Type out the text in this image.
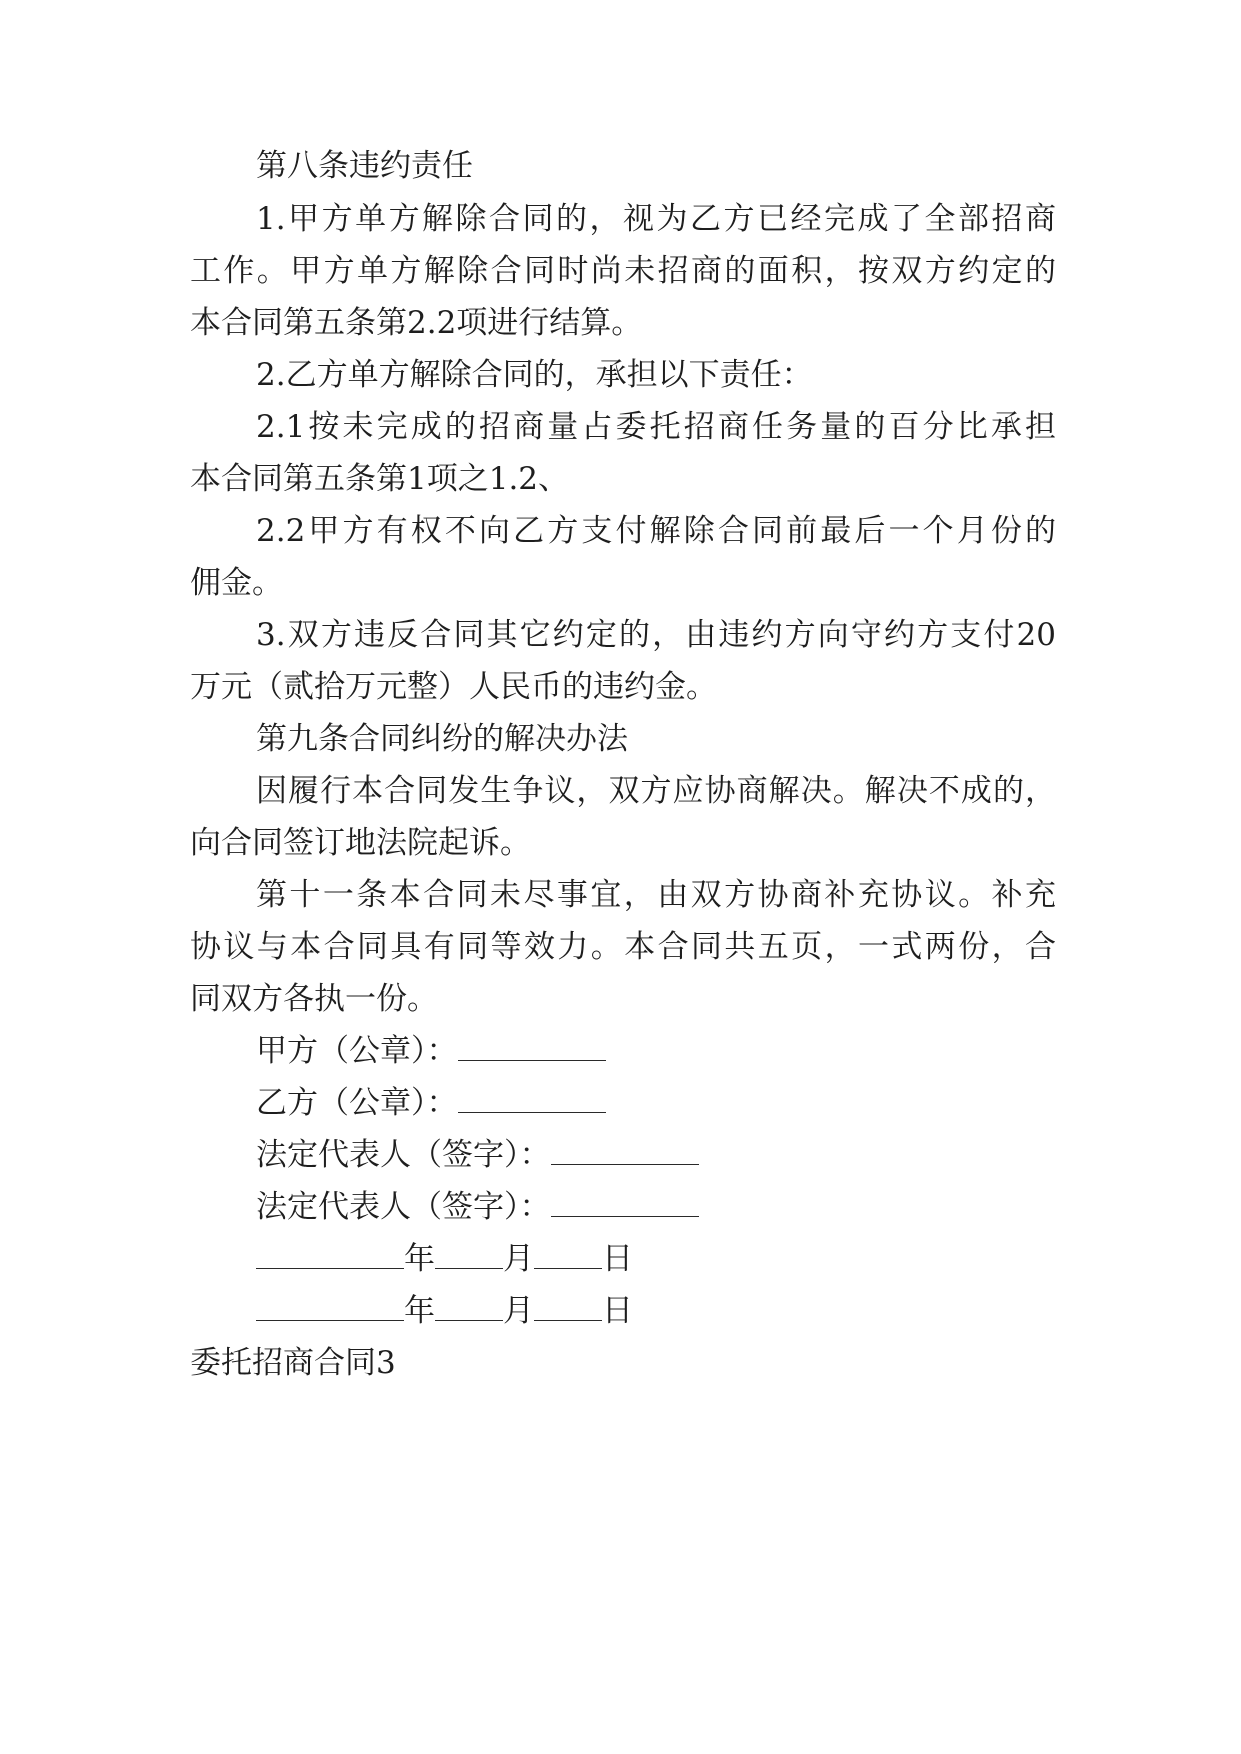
第八条违约责任

1.甲方单方解除合同的，视为乙方已经完成了全部招商

工作。甲方单方解除合同时尚未招商的面积，按双方约定的

本合同第五条第2.2项进行结算。

2.乙方单方解除合同的，承担以下责任：

2.1按未完成的招商量占委托招商任务量的百分比承担

本合同第五条第1项之1.2、

2.2甲方有权不向乙方支付解除合同前最后一个月份的

佣金。

3.双方违反合同其它约定的，由违约方向守约方支付20

万元（贰拾万元整）人民币的违约金。

第九条合同纠纷的解决办法

因履行本合同发生争议，双方应协商解决。解决不成的，

向合同签订地法院起诉。

第十一条本合同未尽事宜，由双方协商补充协议。补充

协议与本合同具有同等效力。本合同共五页，一式两份，合

同双方各执一份。

甲方（公章）：

乙方（公章）：

法定代表人（签字）：

法定代表人（签字）：

年 月 日

年 月 日

委托招商合同3
